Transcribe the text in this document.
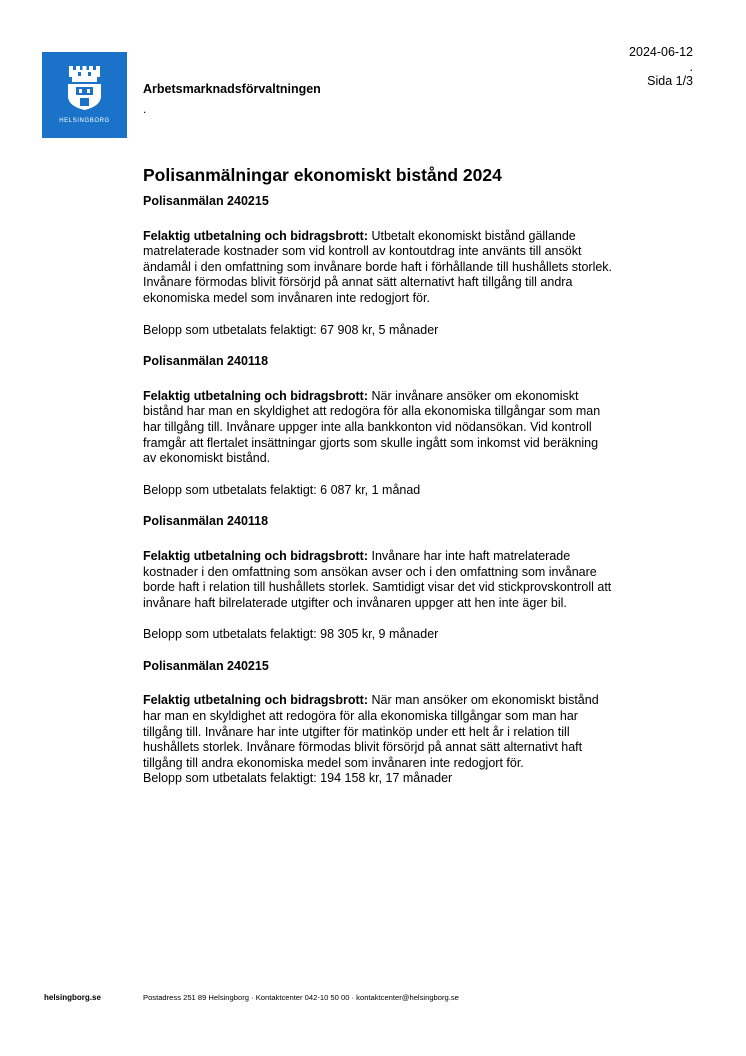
HELSINGBORG
Arbetsmarknadsförvaltningen
.
2024-06-12
.
Sida 1/3
Polisanmälningar ekonomiskt bistånd 2024
Polisanmälan 240215

Felaktig utbetalning och bidragsbrott: Utbetalt ekonomiskt bistånd gällande matrelaterade kostnader som vid kontroll av kontoutdrag inte använts till ansökt ändamål i den omfattning som invånare borde haft i förhållande till hushållets storlek. Invånare förmodas blivit försörjd på annat sätt alternativt haft tillgång till andra ekonomiska medel som invånaren inte redogjort för.

Belopp som utbetalats felaktigt: 67 908 kr, 5 månader

Polisanmälan 240118

Felaktig utbetalning och bidragsbrott: När invånare ansöker om ekonomiskt bistånd har man en skyldighet att redogöra för alla ekonomiska tillgångar som man har tillgång till. Invånare uppger inte alla bankkonton vid nödansökan. Vid kontroll framgår att flertalet insättningar gjorts som skulle ingått som inkomst vid beräkning av ekonomiskt bistånd.

Belopp som utbetalats felaktigt: 6 087 kr, 1 månad

Polisanmälan 240118

Felaktig utbetalning och bidragsbrott: Invånare har inte haft matrelaterade kostnader i den omfattning som ansökan avser och i den omfattning som invånare borde haft i relation till hushållets storlek. Samtidigt visar det vid stickprovskontroll att invånare haft bilrelaterade utgifter och invånaren uppger att hen inte äger bil.

Belopp som utbetalats felaktigt: 98 305 kr, 9 månader

Polisanmälan 240215

Felaktig utbetalning och bidragsbrott: När man ansöker om ekonomiskt bistånd har man en skyldighet att redogöra för alla ekonomiska tillgångar som man har tillgång till. Invånare har inte utgifter för matinköp under ett helt år i relation till hushållets storlek. Invånare förmodas blivit försörjd på annat sätt alternativt haft tillgång till andra ekonomiska medel som invånaren inte redogjort för.

Belopp som utbetalats felaktigt: 194 158 kr, 17 månader

helsingborg.se	Postadress 251 89 Helsingborg · Kontaktcenter 042-10 50 00 · kontaktcenter@helsingborg.se
